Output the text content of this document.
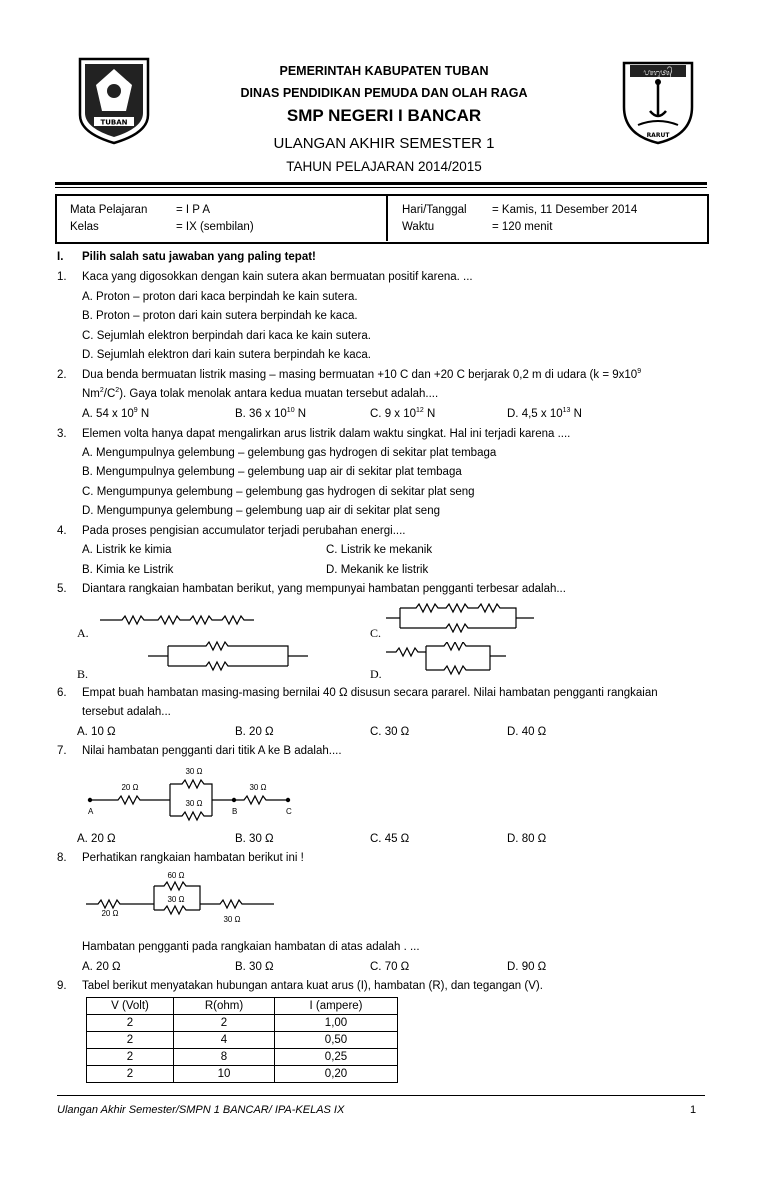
TUBAN
ᬳᬭᬸᬢ᭄
RARUT
PEMERINTAH KABUPATEN TUBAN
DINAS PENDIDIKAN PEMUDA DAN OLAH RAGA
SMP NEGERI I BANCAR
ULANGAN AKHIR SEMESTER 1
TAHUN PELAJARAN 2014/2015
Mata Pelajaran = I P A
Kelas	= IX (sembilan)
Hari/Tanggal = Kamis, 11 Desember 2014
Waktu	= 120 menit
I. Pilih salah satu jawaban yang paling tepat!
1. Kaca yang digosokkan dengan kain sutera akan bermuatan positif karena. ...
A. Proton – proton dari kaca berpindah ke kain sutera.
B. Proton – proton dari kain sutera berpindah ke kaca.
C. Sejumlah elektron berpindah dari kaca ke kain sutera.
D. Sejumlah elektron dari kain sutera berpindah ke kaca.
2. Dua benda bermuatan listrik masing – masing bermuatan +10 C dan +20 C berjarak 0,2 m di udara ($k = 9x10^9$
$Nm^2/C^2$). Gaya tolak menolak antara kedua muatan tersebut adalah....
A. 54 x $10^9$ N	B. 36 x $10^{10}$ N	C. 9 x $10^{12}$ N	D. 4,5 x $10^{13}$ N
3. Elemen volta hanya dapat mengalirkan arus listrik dalam waktu singkat. Hal ini terjadi karena ....
A. Mengumpulnya gelembung – gelembung gas hydrogen di sekitar plat tembaga
B. Mengumpulnya gelembung – gelembung uap air di sekitar plat tembaga
C. Mengumpunya gelembung – gelembung gas hydrogen di sekitar plat seng
D. Mengumpunya gelembung – gelembung uap air di sekitar plat seng
4. Pada proses pengisian accumulator terjadi perubahan energi....
A. Listrik ke kimia	C. Listrik ke mekanik
B. Kimia ke Listrik	D. Mekanik ke listrik
5. Diantara rangkaian hambatan berikut, yang mempunyai hambatan pengganti terbesar adalah...
A.
B.
C.
D.
6. Empat buah hambatan masing-masing bernilai 40 Ω disusun secara pararel. Nilai hambatan pengganti rangkaian
tersebut adalah...
A. 10 Ω	B. 20 Ω	C. 30 Ω	D. 40 Ω
7. Nilai hambatan pengganti dari titik A ke B adalah....
20 Ω
30 Ω
30 Ω
30 Ω
A	B	C
A. 20 Ω	B. 30 Ω	C. 45 Ω	D. 80 Ω
8. Perhatikan rangkaian hambatan berikut ini !
20 Ω
60 Ω
30 Ω
30 Ω
Hambatan pengganti pada rangkaian hambatan di atas adalah . ...
A. 20 Ω	B. 30 Ω	C. 70 Ω	D. 90 Ω
9. Tabel berikut menyatakan hubungan antara kuat arus (I), hambatan (R), dan tegangan (V).
V (Volt)	R(ohm)	I (ampere)
2	2	1,00
2	4	0,50
2	8	0,25
2	10	0,20
Ulangan Akhir Semester/SMPN 1 BANCAR/ IPA-KELAS IX	1
